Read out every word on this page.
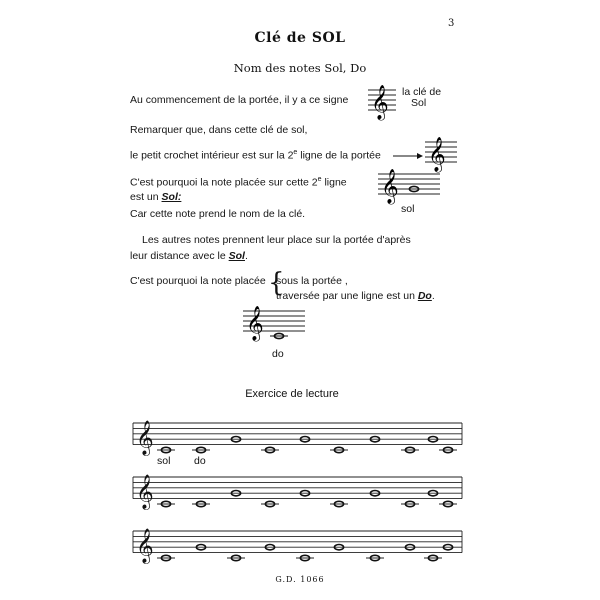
3
Clé de SOL
Nom des notes Sol, Do
Au commencement de la portée, il y a ce signe 𝄞 la clé de
Sol
Remarquer que, dans cette clé de sol,
le petit crochet intérieur est sur la 2e ligne de la portée 𝄞
C'est pourquoi la note placée sur cette 2e ligne
est un Sol:
Car cette note prend le nom de la clé.
𝄞
sol
Les autres notes prennent leur place sur la portée d'après
leur distance avec le Sol.
C'est pourquoi la note placée {
sous la portée ,
traversée par une ligne est un Do.
𝄞
do
Exercice de lecture
𝄞
𝄞
𝄞
sol do
G.D. 1066
